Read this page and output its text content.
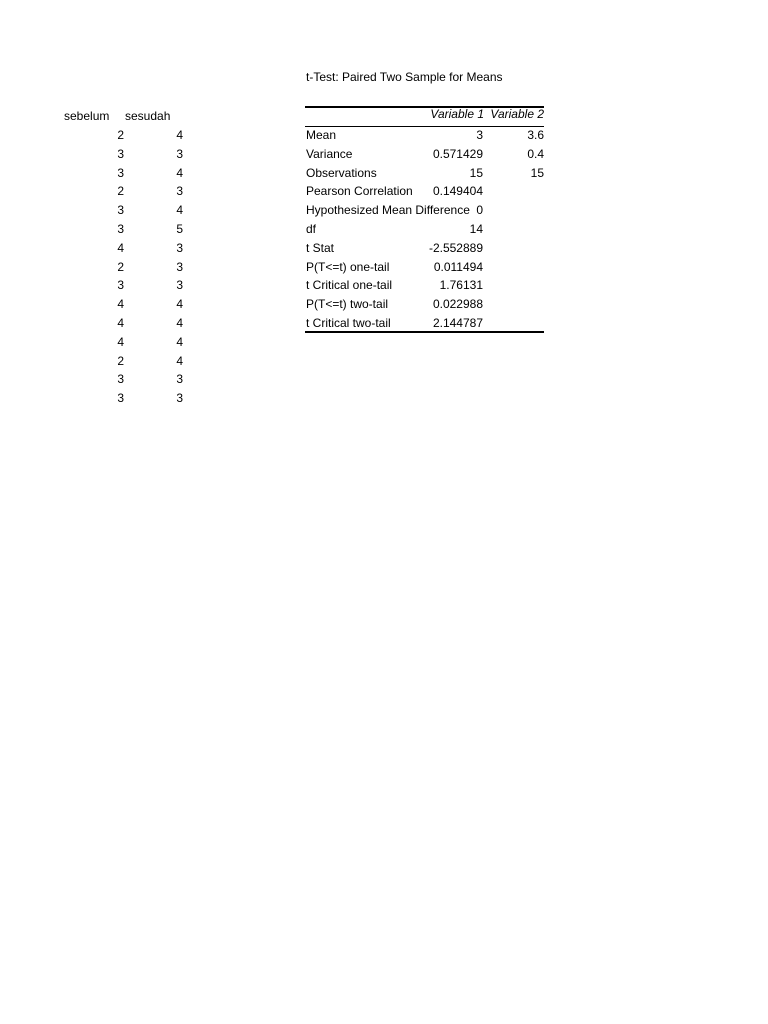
sebelum sesudah
2	4
3	3
3	4
2	3
3	4
3	5
4	3
2	3
3	3
4	4
4	4
4	4
2	4
3	3
3	3
t-Test: Paired Two Sample for Means
Variable 1 Variable 2
Mean	3	3.6
Variance	0.571429	0.4
Observations	15	15
Pearson Correlation	0.149404
Hypothesized Mean Difference 0
df	14
t Stat	-2.552889
P(T<=t) one-tail	0.011494
t Critical one-tail	1.76131
P(T<=t) two-tail	0.022988
t Critical two-tail	2.144787
